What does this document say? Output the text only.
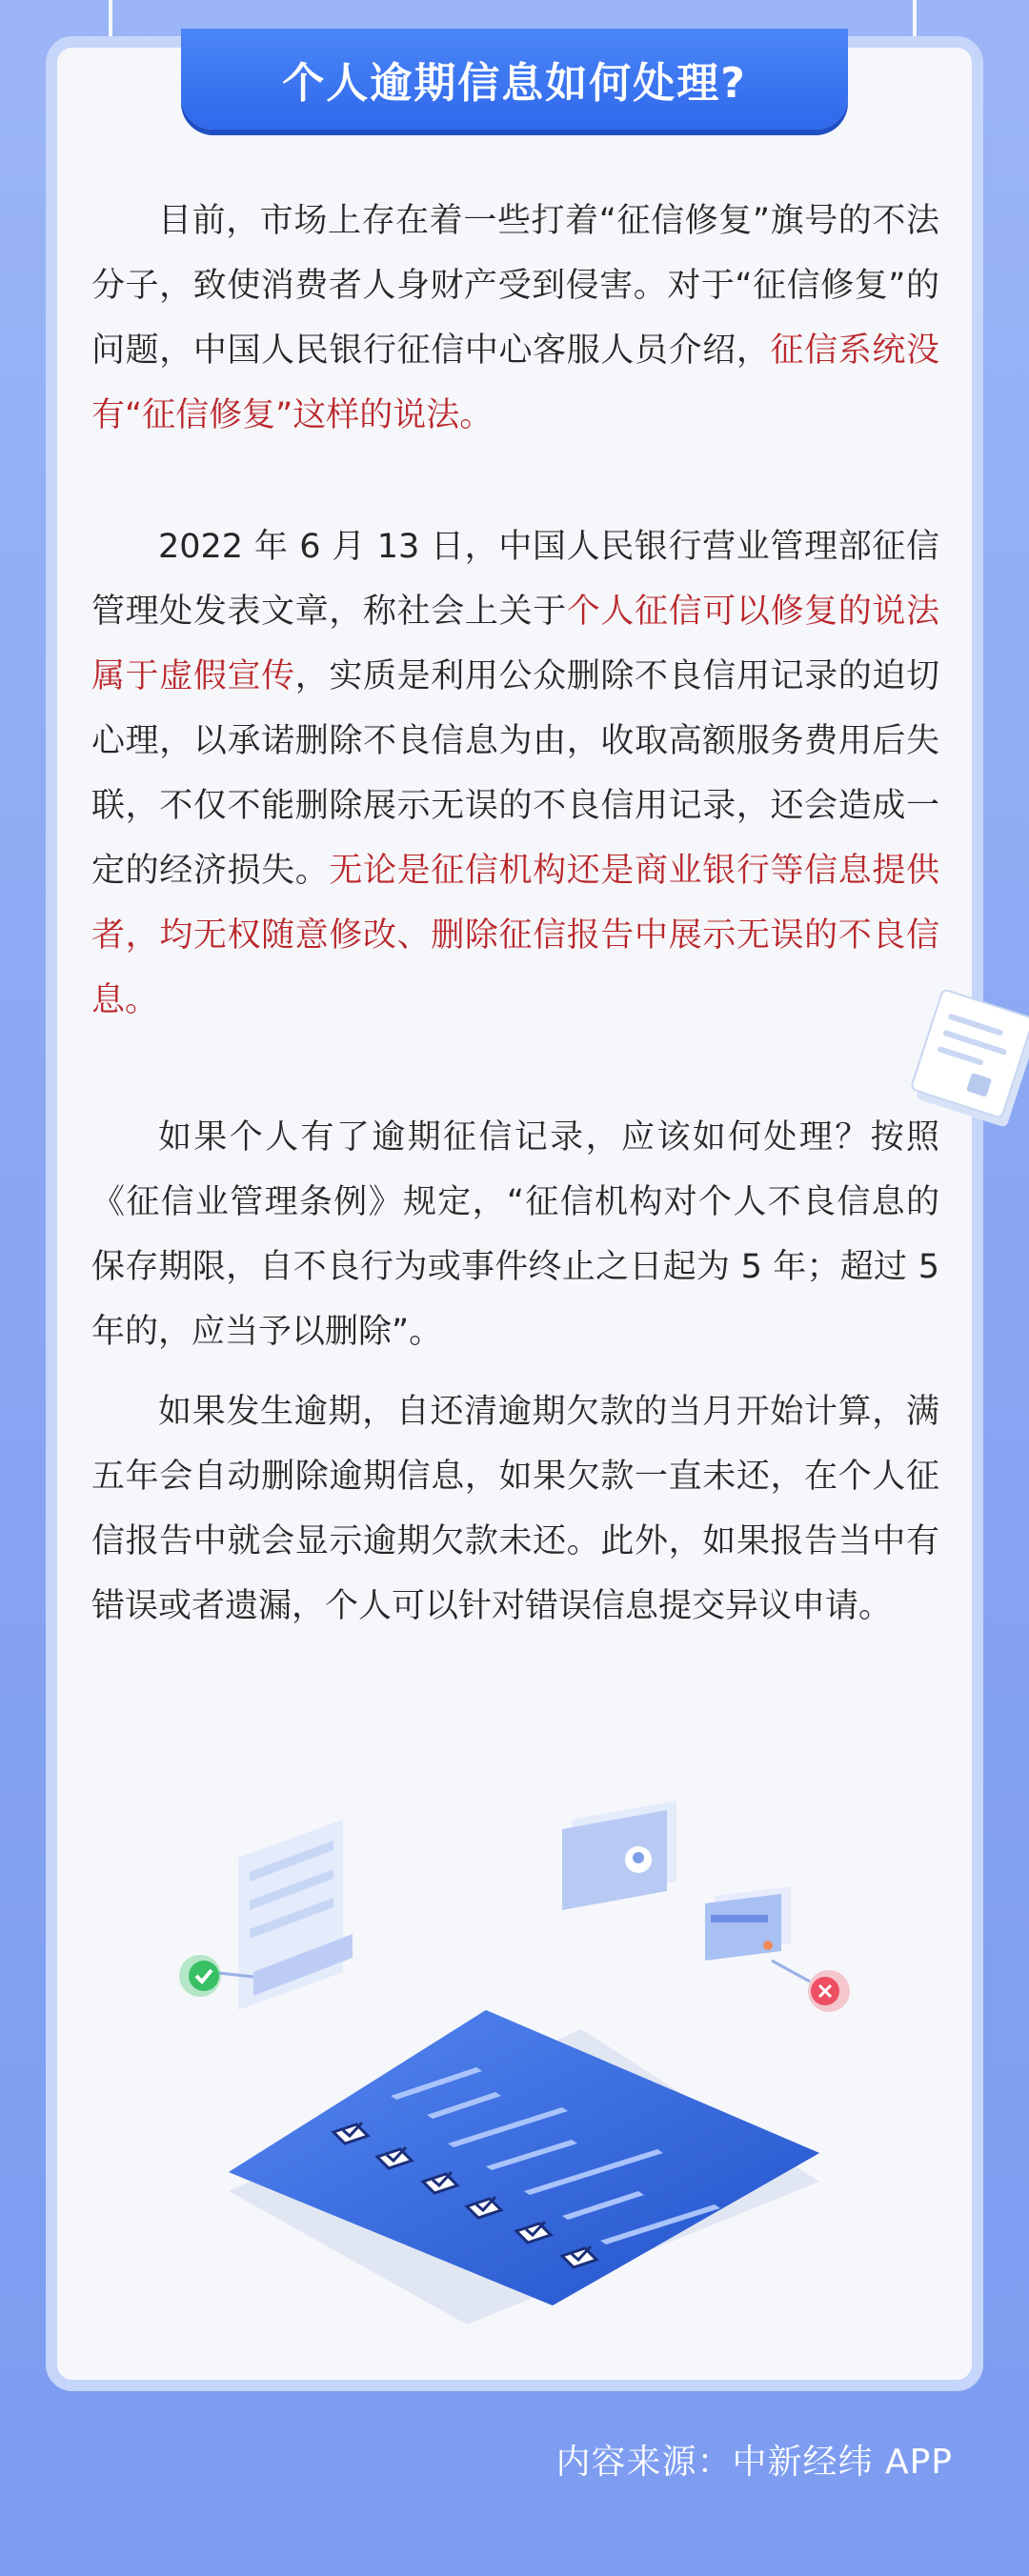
个人逾期信息如何处理?

目前，市场上存在着一些打着“征信修复”旗号的不法分子，致使消费者人身财产受到侵害。对于“征信修复”的问题，中国人民银行征信中心客服人员介绍，征信系统没有“征信修复”这样的说法。

2022 年 6 月 13 日，中国人民银行营业管理部征信管理处发表文章，称社会上关于个人征信可以修复的说法属于虚假宣传，实质是利用公众删除不良信用记录的迫切心理，以承诺删除不良信息为由，收取高额服务费用后失联，不仅不能删除展示无误的不良信用记录，还会造成一定的经济损失。无论是征信机构还是商业银行等信息提供者，均无权随意修改、删除征信报告中展示无误的不良信息。

如果个人有了逾期征信记录，应该如何处理？按照《征信业管理条例》规定，“征信机构对个人不良信息的保存期限，自不良行为或事件终止之日起为 5 年；超过 5 年的，应当予以删除”。

如果发生逾期，自还清逾期欠款的当月开始计算，满五年会自动删除逾期信息，如果欠款一直未还，在个人征信报告中就会显示逾期欠款未还。此外，如果报告当中有错误或者遗漏，个人可以针对错误信息提交异议申请。

内容来源：中新经纬 APP
